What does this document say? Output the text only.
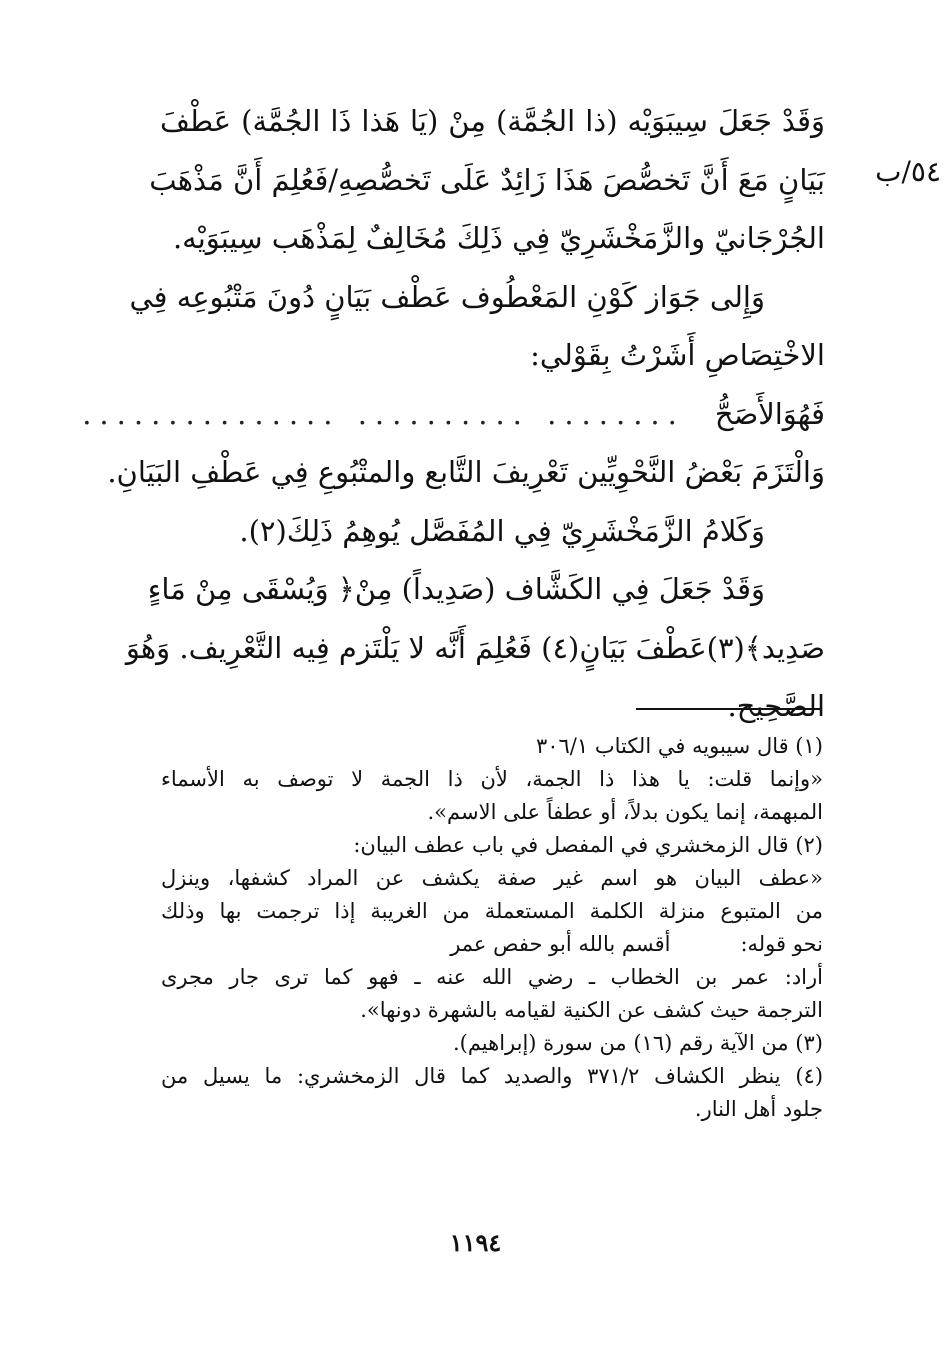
٥٤/ب
وَقَدْ جَعَلَ سِيبَوَيْه (ذا الجُمَّة) مِنْ (يَا هَذا ذَا الجُمَّة) عَطْفَ
بَيَانٍ مَعَ أَنَّ تَخصُّصَ هَذَا زَائِدٌ عَلَى تَخصُّصِهِ/فَعُلِمَ أَنَّ مَذْهَبَ
الجُرْجَانيّ والزَّمَخْشَرِيّ فِي ذَلِكَ مُخَالِفٌ لِمَذْهَب سِيبَوَيْه.
وَإِلى جَوَاز كَوْنِ المَعْطُوف عَطْف بَيَانٍ دُونَ مَتْبُوعِه فِي
الاخْتِصَاصِ أَشَرْتُ بِقَوْلي:
فَهُوَالأَصَحُّ
........ .......... ...............
وَالْتَزَمَ بَعْضُ النَّحْوِيِّين تَعْرِيفَ التَّابع والمتْبُوعِ فِي عَطْفِ البَيَانِ.
وَكَلامُ الزَّمَخْشَرِيّ فِي المُفَصَّل يُوهِمُ ذَلِكَ(٢).
وَقَدْ جَعَلَ فِي الكَشَّاف (صَدِيداً) مِنْ﴿ وَيُسْقَى مِنْ مَاءٍ
صَدِيد﴾(٣)عَطْفَ بَيَانٍ(٤) فَعُلِمَ أَنَّه لا يَلْتَزم فِيه التَّعْرِيف. وَهُوَ
الصَّحِيح.
(١) قال سيبويه في الكتاب ٣٠٦/١
«وإنما قلت: يا هذا ذا الجمة، لأن ذا الجمة لا توصف به الأسماء
المبهمة، إنما يكون بدلاً، أو عطفاً على الاسم».
(٢) قال الزمخشري في المفصل في باب عطف البيان:
«عطف البيان هو اسم غير صفة يكشف عن المراد كشفها، وينزل
من المتبوع منزلة الكلمة المستعملة من الغريبة إذا ترجمت بها وذلك
نحو قوله:
أقسم بالله أبو حفص عمر
أراد: عمر بن الخطاب ـ رضي الله عنه ـ فهو كما ترى جار مجرى
الترجمة حيث كشف عن الكنية لقيامه بالشهرة دونها».
(٣) من الآية رقم (١٦) من سورة (إبراهيم).
(٤) ينظر الكشاف ٣٧١/٢ والصديد كما قال الزمخشري: ما يسيل من
جلود أهل النار.
١١٩٤
